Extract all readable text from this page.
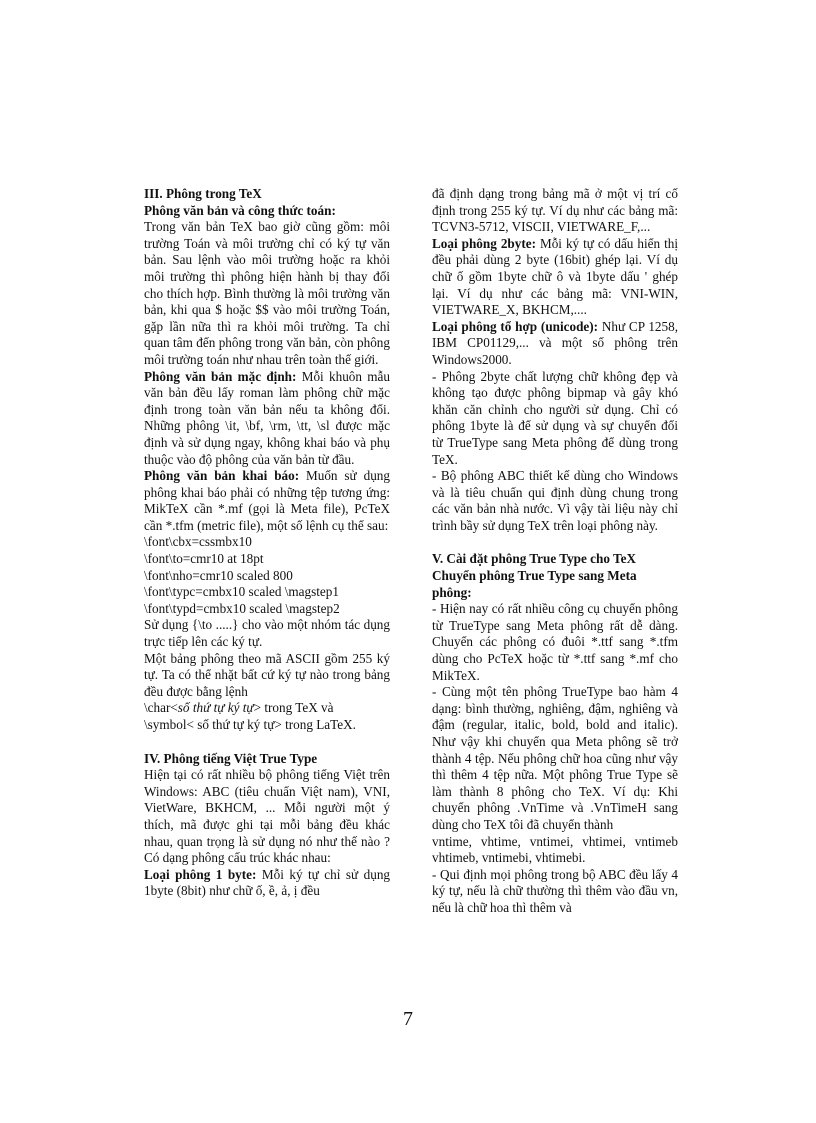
III. Phông trong TeX

Phông văn bản và công thức toán:

Trong văn bản TeX bao giờ cũng gồm: môi trường Toán và môi trường chỉ có ký tự văn bản. Sau lệnh vào môi trường hoặc ra khỏi môi trường thì phông hiện hành bị thay đổi cho thích hợp. Bình thường là môi trường văn bản, khi qua $ hoặc $$ vào môi trường Toán, gặp lần nữa thì ra khỏi môi trường. Ta chỉ quan tâm đến phông trong văn bản, còn phông môi trường toán như nhau trên toàn thế giới.

Phông văn bản mặc định: Mỗi khuôn mẫu văn bản đều lấy roman làm phông chữ mặc định trong toàn văn bản nếu ta không đổi. Những phông \it, \bf, \rm, \tt, \sl được mặc định và sử dụng ngay, không khai báo và phụ thuộc vào độ phông của văn bản từ đầu.

Phông văn bản khai báo: Muốn sử dụng phông khai báo phải có những tệp tương ứng: MikTeX cần *.mf (gọi là Meta file), PcTeX cần *.tfm (metric file), một số lệnh cụ thể sau:

\font\cbx=cssmbx10

\font\to=cmr10 at 18pt

\font\nho=cmr10 scaled 800

\font\typc=cmbx10 scaled \magstep1

\font\typd=cmbx10 scaled \magstep2

Sử dụng {\to .....} cho vào một nhóm tác dụng trực tiếp lên các ký tự.

Một bảng phông theo mã ASCII gồm 255 ký tự. Ta có thể nhặt bất cứ ký tự nào trong bảng đều được bằng lệnh

\char<số thứ tự ký tự> trong TeX và

\symbol< số thứ tự ký tự> trong LaTeX.

IV. Phông tiếng Việt True Type

Hiện tại có rất nhiều bộ phông tiếng Việt trên Windows: ABC (tiêu chuẩn Việt nam), VNI, VietWare, BKHCM, ... Mỗi người một ý thích, mã được ghi tại mỗi bảng đều khác nhau, quan trọng là sử dụng nó như thế nào ? Có dạng phông cấu trúc khác nhau:

Loại phông 1 byte: Mỗi ký tự chỉ sử dụng 1byte (8bit) như chữ ố, ề, ả, ị đều

đã định dạng trong bảng mã ở một vị trí cố định trong 255 ký tự. Ví dụ như các bảng mã: TCVN3-5712, VISCII, VIETWARE_F,...

Loại phông 2byte: Mỗi ký tự có dấu hiển thị đều phải dùng 2 byte (16bit) ghép lại. Ví dụ chữ ố gồm 1byte chữ ô và 1byte dấu ' ghép lại. Ví dụ như các bảng mã: VNI-WIN, VIETWARE_X, BKHCM,....

Loại phông tổ hợp (unicode): Như CP 1258, IBM CP01129,... và một số phông trên Windows2000.

- Phông 2byte chất lượng chữ không đẹp và không tạo được phông bipmap và gây khó khăn căn chỉnh cho người sử dụng. Chỉ có phông 1byte là để sử dụng và sự chuyển đổi từ TrueType sang Meta phông để dùng trong TeX.

- Bộ phông ABC thiết kế dùng cho Windows và là tiêu chuẩn qui định dùng chung trong các văn bản nhà nước. Vì vậy tài liệu này chỉ trình bầy sử dụng TeX trên loại phông này.

V. Cài đặt phông True Type cho TeX

Chuyển phông True Type sang Meta phông:

- Hiện nay có rất nhiều công cụ chuyển phông từ TrueType sang Meta phông rất dễ dàng. Chuyển các phông có đuôi *.ttf sang *.tfm dùng cho PcTeX hoặc từ *.ttf sang *.mf cho MikTeX.

- Cùng một tên phông TrueType bao hàm 4 dạng: bình thường, nghiêng, đậm, nghiêng và đậm (regular, italic, bold, bold and italic). Như vậy khi chuyển qua Meta phông sẽ trở thành 4 tệp. Nếu phông chữ hoa cũng như vậy thì thêm 4 tệp nữa. Một phông True Type sẽ làm thành 8 phông cho TeX. Ví dụ: Khi chuyển phông .VnTime và .VnTimeH sang dùng cho TeX tôi đã chuyển thành

vntime, vhtime, vntimei, vhtimei, vntimeb vhtimeb, vntimebi, vhtimebi.

- Qui định mọi phông trong bộ ABC đều lấy 4 ký tự, nếu là chữ thường thì thêm vào đầu vn, nếu là chữ hoa thì thêm và

7
